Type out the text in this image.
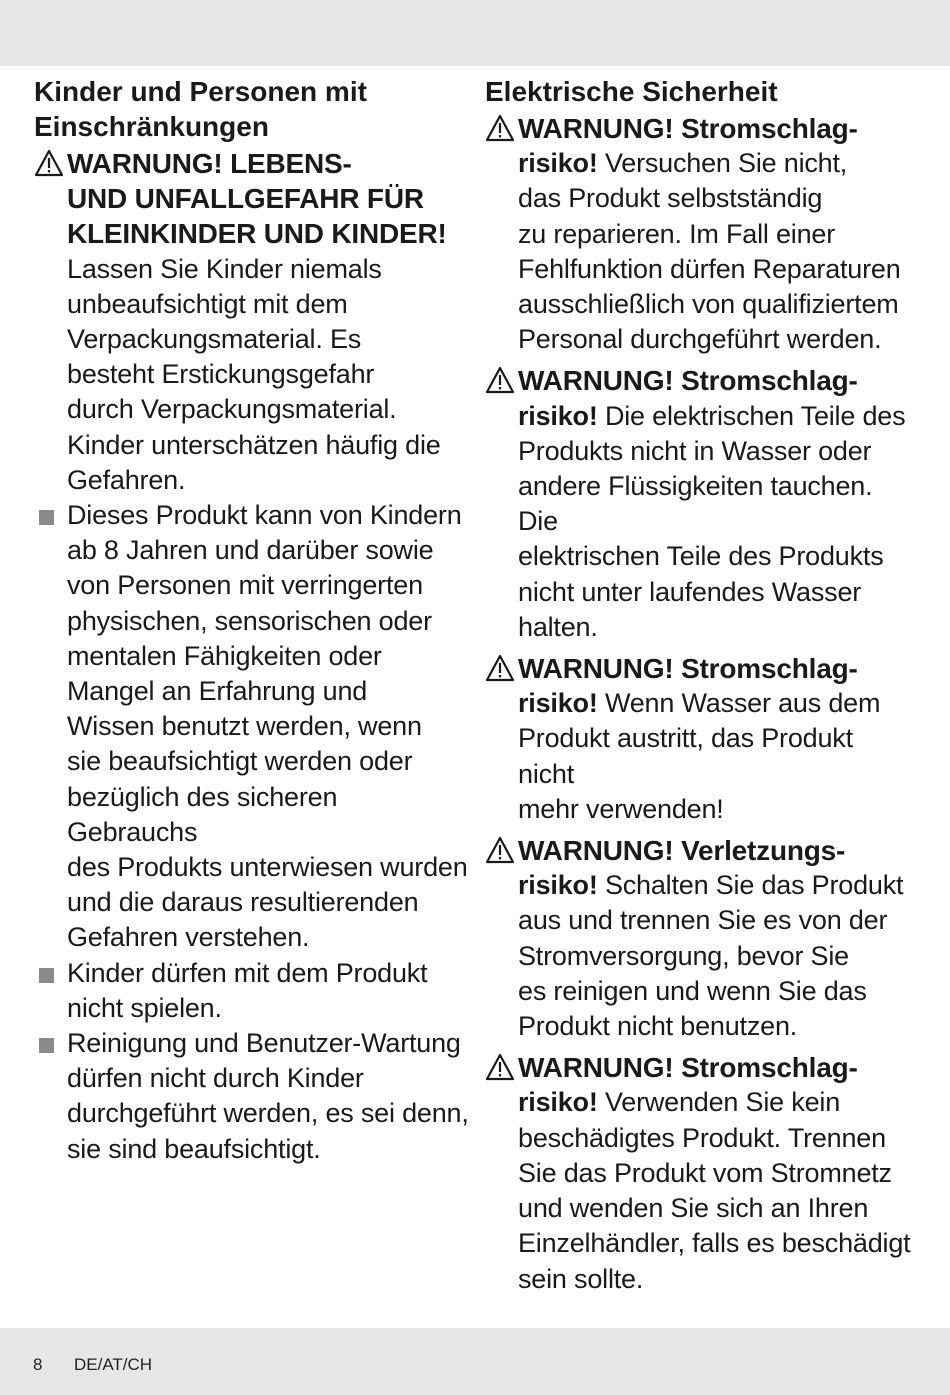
Kinder und Personen mit
Einschränkungen
WARNUNG! LEBENS-
UND UNFALLGEFAHR FÜR
KLEINKINDER UND KINDER!
Lassen Sie Kinder niemals
unbeaufsichtigt mit dem
Verpackungsmaterial. Es
besteht Erstickungsgefahr
durch Verpackungsmaterial.
Kinder unterschätzen häufig die
Gefahren.
Dieses Produkt kann von Kindern
ab 8 Jahren und darüber sowie
von Personen mit verringerten
physischen, sensorischen oder
mentalen Fähigkeiten oder
Mangel an Erfahrung und
Wissen benutzt werden, wenn
sie beaufsichtigt werden oder
bezüglich des sicheren Gebrauchs
des Produkts unterwiesen wurden
und die daraus resultierenden
Gefahren verstehen.
Kinder dürfen mit dem Produkt
nicht spielen.
Reinigung und Benutzer-Wartung
dürfen nicht durch Kinder
durchgeführt werden, es sei denn,
sie sind beaufsichtigt.
Elektrische Sicherheit
WARNUNG! Stromschlag-
risiko! Versuchen Sie nicht,
das Produkt selbstständig
zu reparieren. Im Fall einer
Fehlfunktion dürfen Reparaturen
ausschließlich von qualifiziertem
Personal durchgeführt werden.
WARNUNG! Stromschlag-
risiko! Die elektrischen Teile des
Produkts nicht in Wasser oder
andere Flüssigkeiten tauchen. Die
elektrischen Teile des Produkts
nicht unter laufendes Wasser
halten.
WARNUNG! Stromschlag-
risiko! Wenn Wasser aus dem
Produkt austritt, das Produkt nicht
mehr verwenden!
WARNUNG! Verletzungs-
risiko! Schalten Sie das Produkt
aus und trennen Sie es von der
Stromversorgung, bevor Sie
es reinigen und wenn Sie das
Produkt nicht benutzen.
WARNUNG! Stromschlag-
risiko! Verwenden Sie kein
beschädigtes Produkt. Trennen
Sie das Produkt vom Stromnetz
und wenden Sie sich an Ihren
Einzelhändler, falls es beschädigt
sein sollte.
8 DE/AT/CH
